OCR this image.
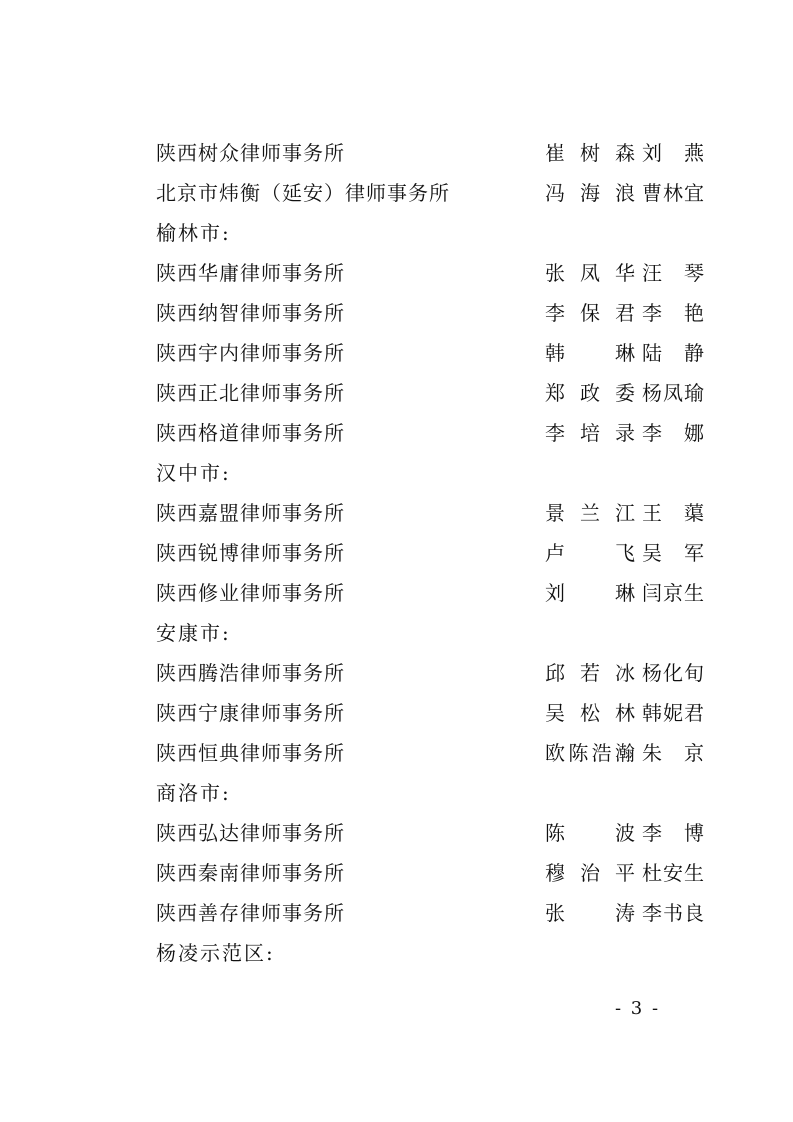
陕西树众律师事务所	崔树森 刘 燕
北京市炜衡（延安）律师事务所	冯海浪 曹林宜
榆林市:
陕西华庸律师事务所	张凤华 汪 琴
陕西纳智律师事务所	李保君 李 艳
陕西宇内律师事务所	韩 琳 陆 静
陕西正北律师事务所	郑政委 杨凤瑜
陕西格道律师事务所	李培录 李 娜
汉中市:
陕西嘉盟律师事务所	景兰江 王 蕖
陕西锐博律师事务所	卢 飞 吴 军
陕西修业律师事务所	刘 琳 闫京生
安康市:
陕西腾浩律师事务所	邱若冰 杨化旬
陕西宁康律师事务所	吴松林 韩妮君
陕西恒典律师事务所	欧陈浩瀚 朱 京
商洛市:
陕西弘达律师事务所	陈 波 李 博
陕西秦南律师事务所	穆治平 杜安生
陕西善存律师事务所	张 涛 李书良
杨凌示范区:
- 3 -
